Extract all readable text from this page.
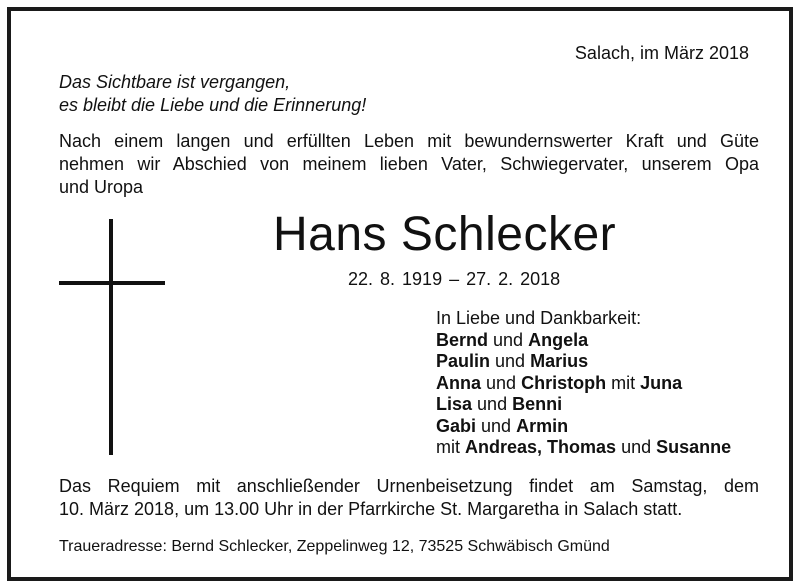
Salach, im März 2018
Das Sichtbare ist vergangen,
es bleibt die Liebe und die Erinnerung!
Nach einem langen und erfüllten Leben mit bewundernswerter Kraft und Güte
nehmen wir Abschied von meinem lieben Vater, Schwiegervater, unserem Opa
und Uropa
Hans Schlecker
22. 8. 1919 – 27. 2. 2018
In Liebe und Dankbarkeit:
Bernd und Angela
Paulin und Marius
Anna und Christoph mit Juna
Lisa und Benni
Gabi und Armin
mit Andreas, Thomas und Susanne
Das Requiem mit anschließender Urnenbeisetzung findet am Samstag, dem
10. März 2018, um 13.00 Uhr in der Pfarrkirche St. Margaretha in Salach statt.
Traueradresse: Bernd Schlecker, Zeppelinweg 12, 73525 Schwäbisch Gmünd
